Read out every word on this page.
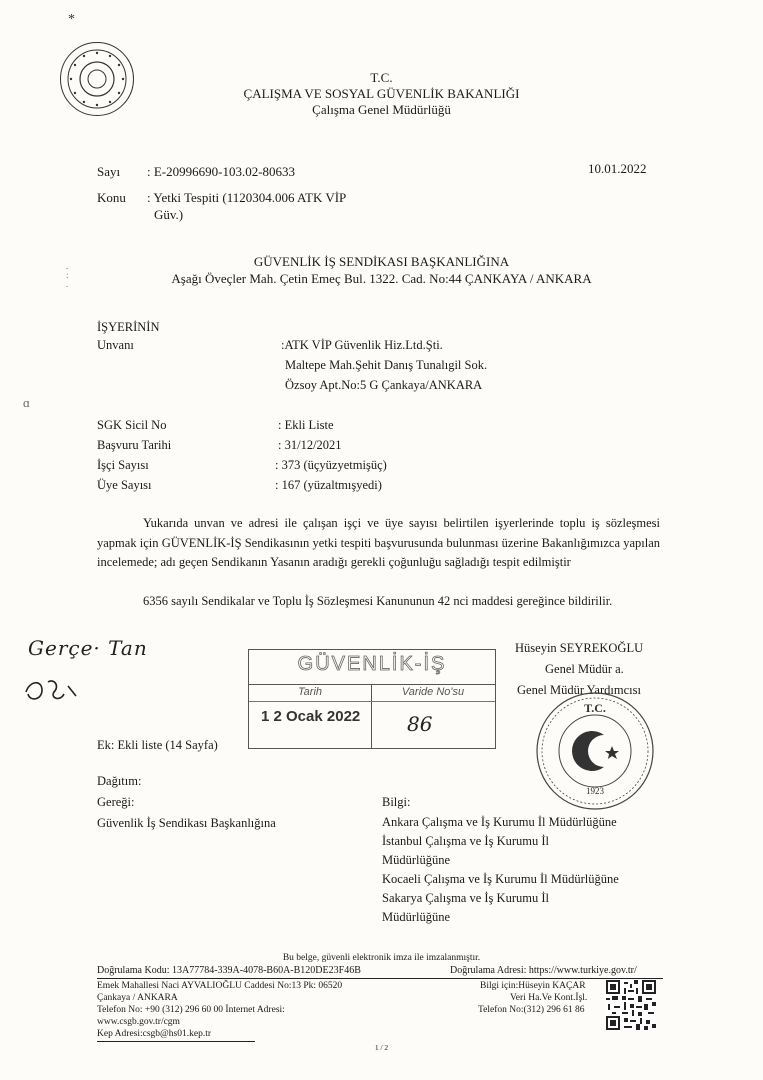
*
T.C.
ÇALIŞMA VE SOSYAL GÜVENLİK BAKANLIĞI
Çalışma Genel Müdürlüğü
Sayı : E-20996690-103.02-80633	10.01.2022
Konu : Yetki Tespiti (1120304.006 ATK VİP
Güv.)
GÜVENLİK İŞ SENDİKASI BAŞKANLIĞINA
Aşağı Öveçler Mah. Çetin Emeç Bul. 1322. Cad. No:44 ÇANKAYA / ANKARA
.
:
.
İŞYERİNİN
Unvanı	:ATK VİP Güvenlik Hiz.Ltd.Şti.
Maltepe Mah.Şehit Danış Tunalıgil Sok.
Özsoy Apt.No:5 G Çankaya/ANKARA
ɑ
SGK Sicil No	: Ekli Liste
Başvuru Tarihi	: 31/12/2021
İşçi Sayısı	: 373 (üçyüzyetmişüç)
Üye Sayısı	: 167 (yüzaltmışyedi)
Yukarıda unvan ve adresi ile çalışan işçi ve üye sayısı belirtilen işyerlerinde toplu iş sözleşmesi yapmak için GÜVENLİK-İŞ Sendikasının yetki tespiti başvurusunda bulunması üzerine Bakanlığımızca yapılan incelemede; adı geçen Sendikanın Yasanın aradığı gerekli çoğunluğu sağladığı tespit edilmiştir
6356 sayılı Sendikalar ve Toplu İş Sözleşmesi Kanununun 42 nci maddesi gereğince bildirilir.
Gerçe· Tan	Hüseyin SEYREKOĞLU
Genel Müdür a.
Genel Müdür Yardımcısı
GÜVENLİK-İŞ
Tarih	Varide No'su
1 2 Ocak 2022 86
T.C.
1923
Ek: Ekli liste (14 Sayfa)
Dağıtım:
Gereği:
Güvenlik İş Sendikası Başkanlığına
Bilgi:
Ankara Çalışma ve İş Kurumu İl Müdürlüğüne
İstanbul Çalışma ve İş Kurumu İl
Müdürlüğüne
Kocaeli Çalışma ve İş Kurumu İl Müdürlüğüne
Sakarya Çalışma ve İş Kurumu İl
Müdürlüğüne
Bu belge, güvenli elektronik imza ile imzalanmıştır.
Doğrulama Kodu: 13A77784-339A-4078-B60A-B120DE23F46B	Doğrulama Adresi: https://www.turkiye.gov.tr/
Emek Mahallesi Naci AYVALIOĞLU Caddesi No:13 Pk: 06520
Çankaya / ANKARA
Telefon No: +90 (312) 296 60 00 İnternet Adresi:
www.csgb.gov.tr/cgm
Kep Adresi:csgb@hs01.kep.tr
Bilgi için:Hüseyin KAÇAR
Veri Ha.Ve Kont.İşl.
Telefon No:(312) 296 61 86
1 / 2
